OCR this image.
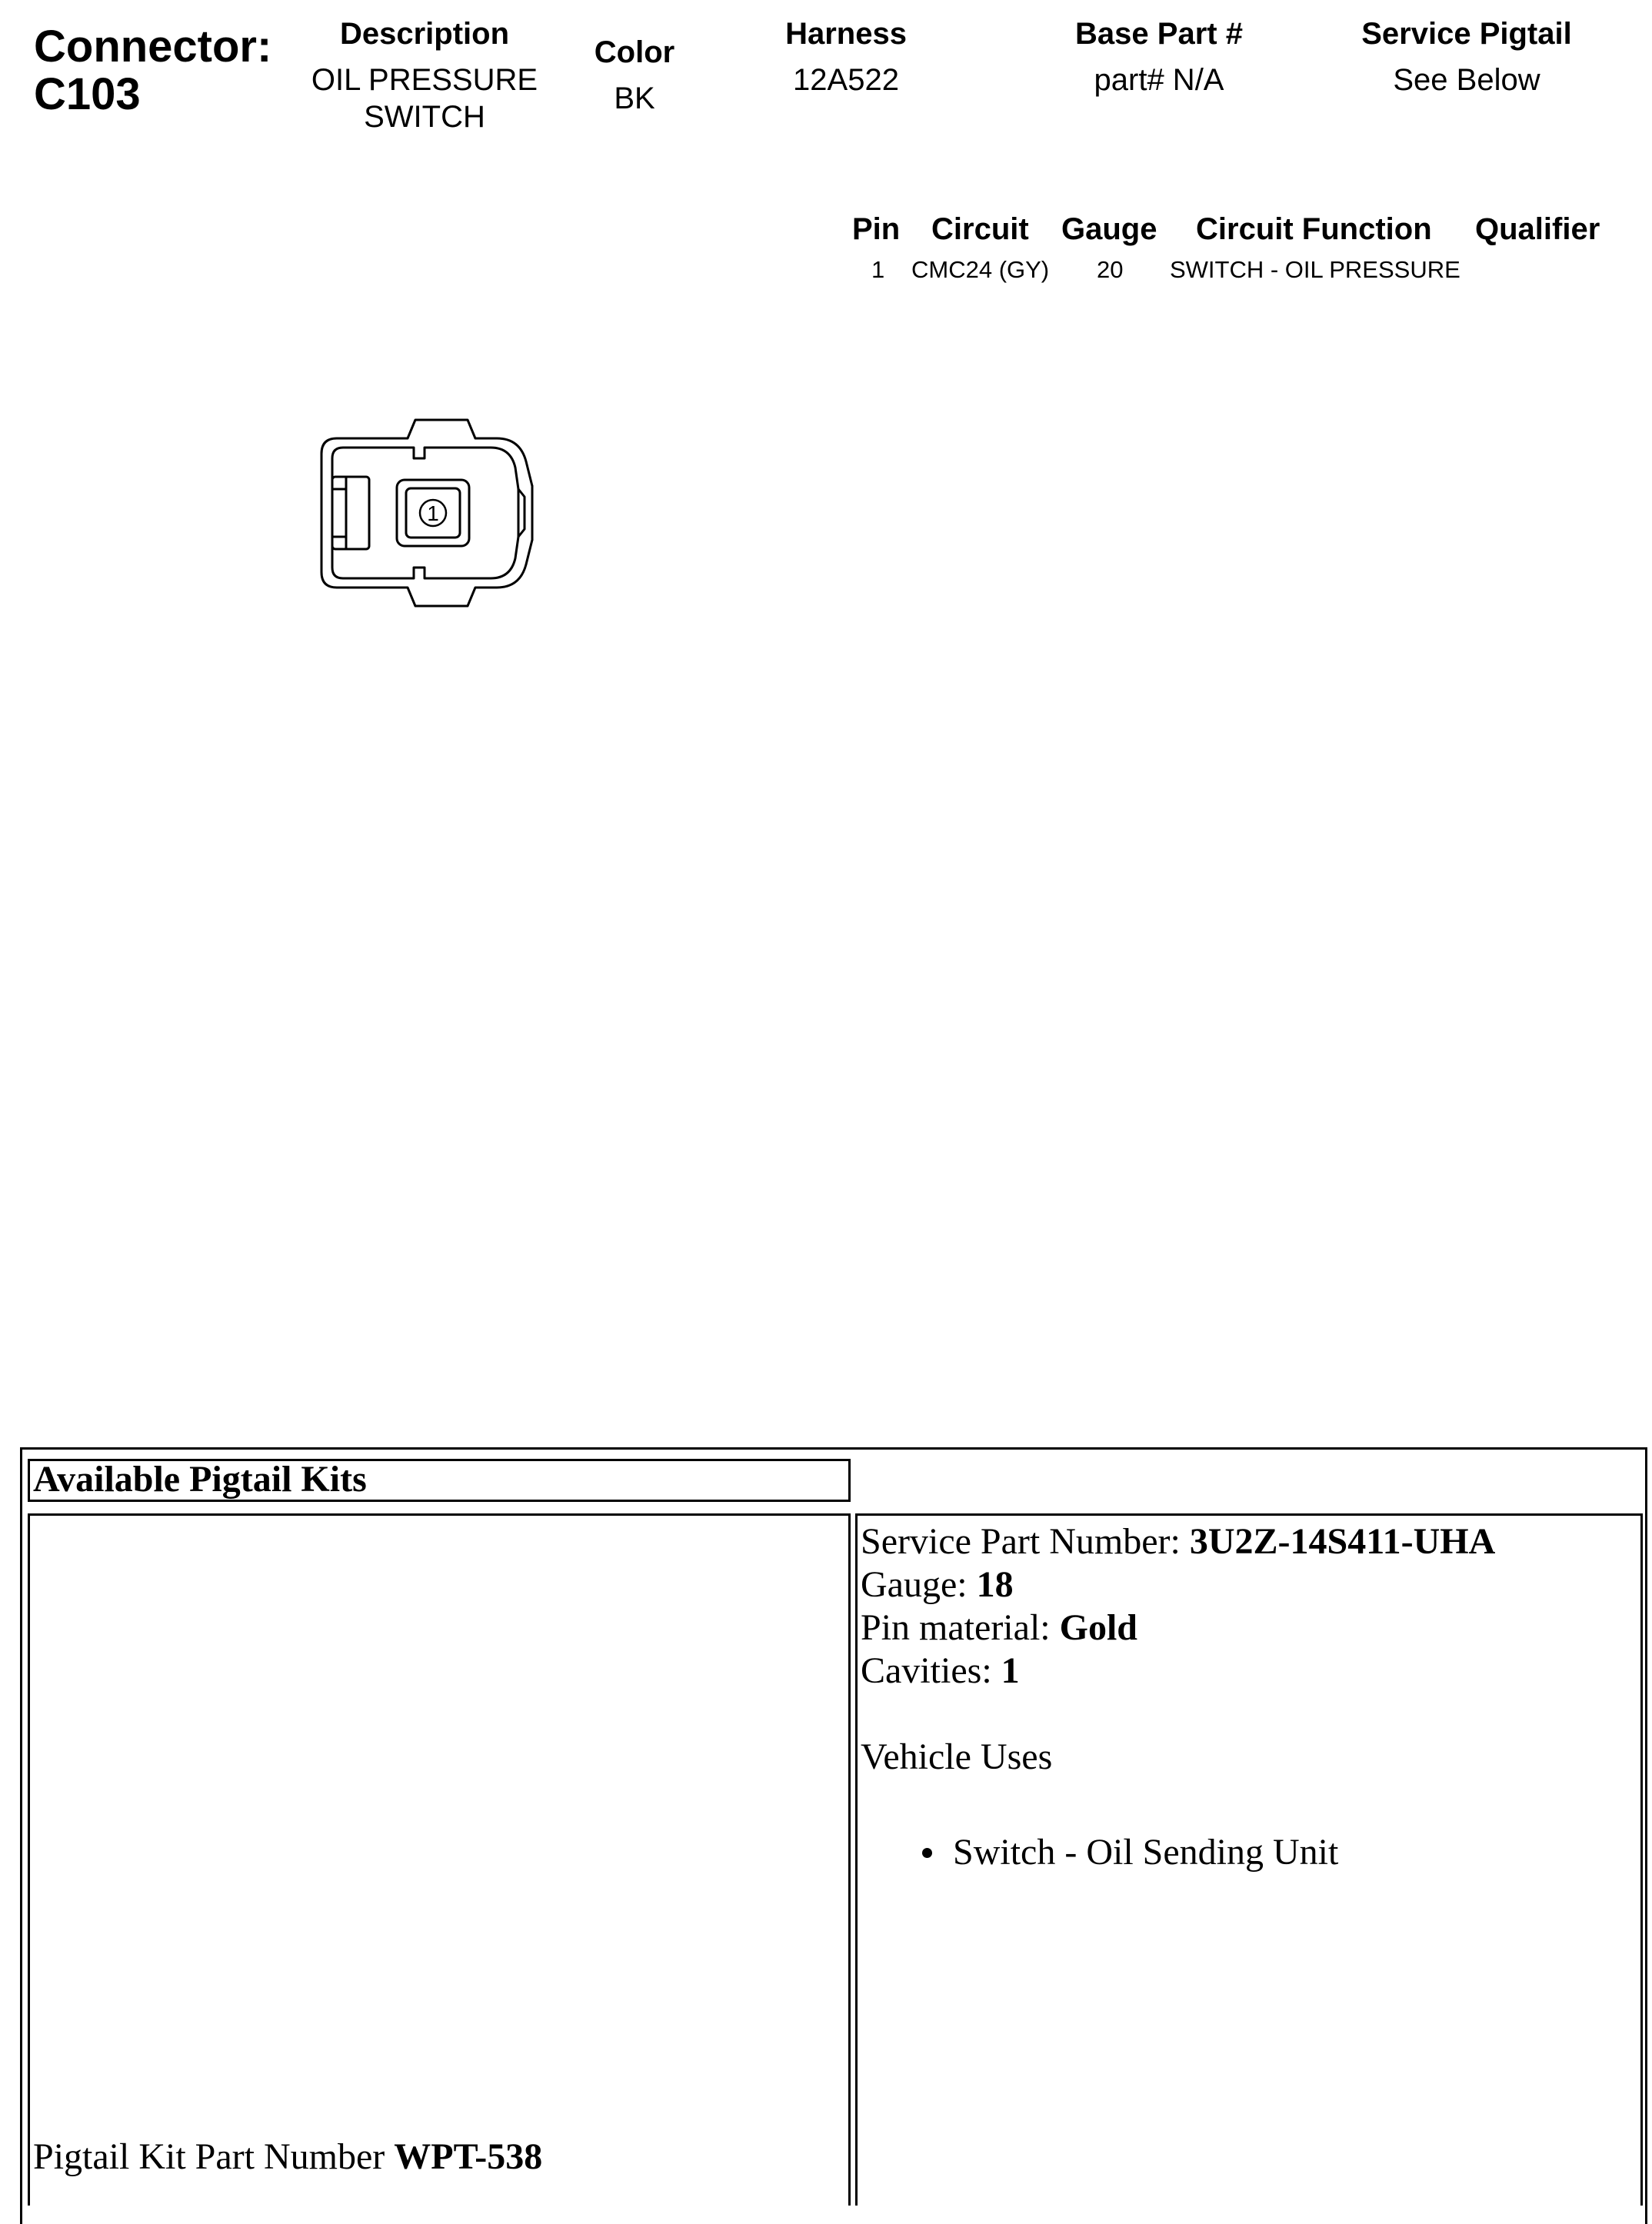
Connector:
C103
Description
OIL PRESSURE
SWITCH
Color
BK
Harness
12A522
Base Part #
part# N/A
Service Pigtail
See Below
Pin Circuit Gauge Circuit Function Qualifier
1 CMC24 (GY) 20 SWITCH - OIL PRESSURE
1
Available Pigtail Kits
Pigtail Kit Part Number WPT-538
Service Part Number: 3U2Z-14S411-UHA
Gauge: 18
Pin material: Gold
Cavities: 1
Vehicle Uses
Switch - Oil Sending Unit
